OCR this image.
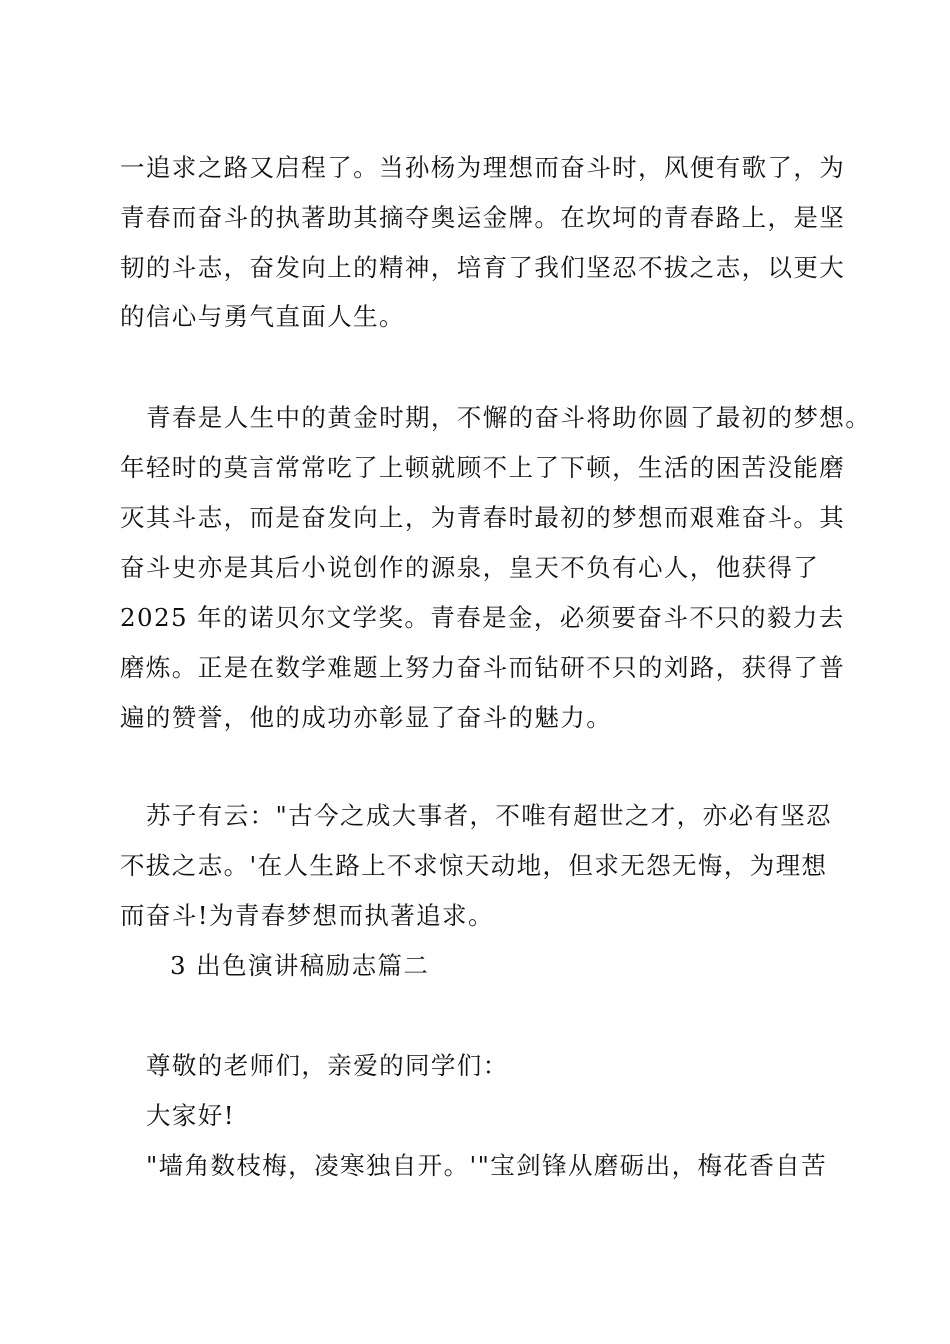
一追求之路又启程了。当孙杨为理想而奋斗时，风便有歌了，为
青春而奋斗的执著助其摘夺奥运金牌。在坎坷的青春路上，是坚
韧的斗志，奋发向上的精神，培育了我们坚忍不拔之志，以更大
的信心与勇气直面人生。
青春是人生中的黄金时期，不懈的奋斗将助你圆了最初的梦想。
年轻时的莫言常常吃了上顿就顾不上了下顿，生活的困苦没能磨
灭其斗志，而是奋发向上，为青春时最初的梦想而艰难奋斗。其
奋斗史亦是其后小说创作的源泉，皇天不负有心人，他获得了
2025 年的诺贝尔文学奖。青春是金，必须要奋斗不只的毅力去
磨炼。正是在数学难题上努力奋斗而钻研不只的刘路，获得了普
遍的赞誉，他的成功亦彰显了奋斗的魅力。
苏子有云："古今之成大事者，不唯有超世之才，亦必有坚忍
不拔之志。'在人生路上不求惊天动地，但求无怨无悔，为理想
而奋斗!为青春梦想而执著追求。
3 出色演讲稿励志篇二
尊敬的老师们，亲爱的同学们：
大家好!
"墙角数枝梅，凌寒独自开。'"宝剑锋从磨砺出，梅花香自苦
